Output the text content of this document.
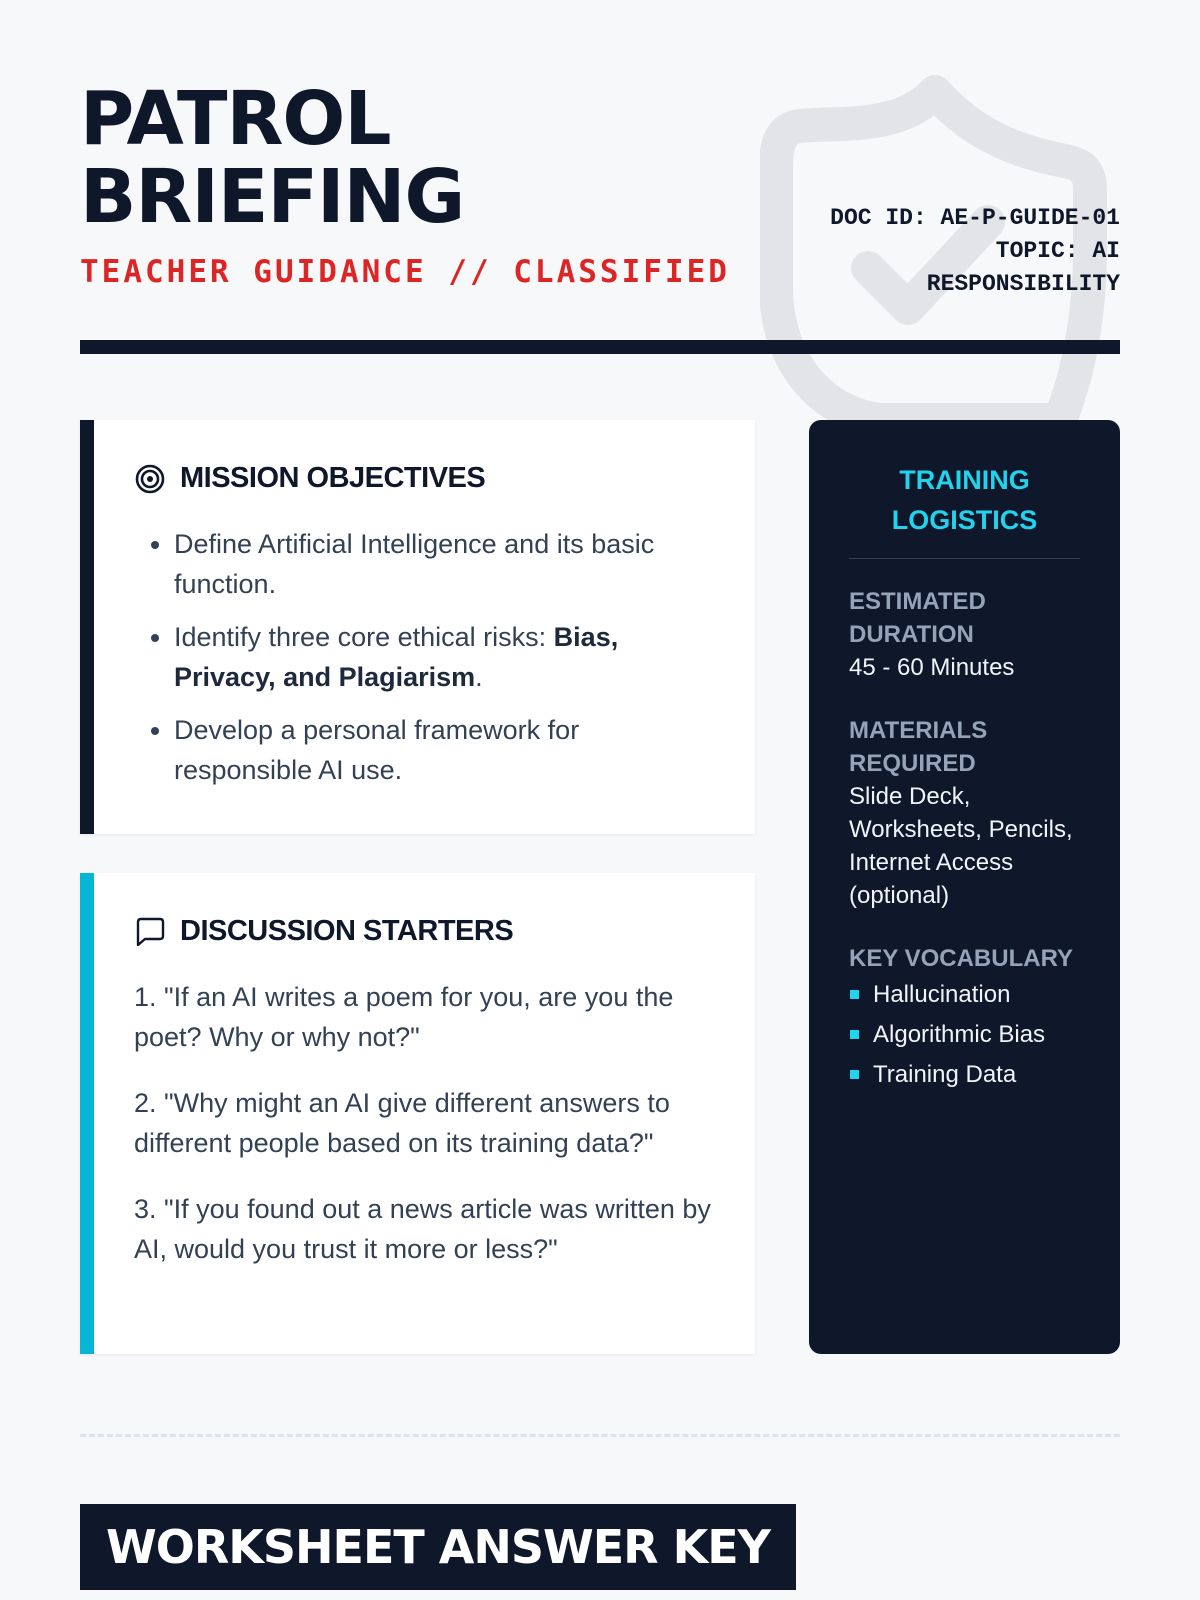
PATROL
BRIEFING
TEACHER GUIDANCE // CLASSIFIED
DOC ID: AE-P-GUIDE-01
TOPIC: AI
RESPONSIBILITY
MISSION OBJECTIVES
• Define Artificial Intelligence and its basic function.
• Identify three core ethical risks: Bias, Privacy, and Plagiarism.
• Develop a personal framework for responsible AI use.
DISCUSSION STARTERS

1. "If an AI writes a poem for you, are you the poet? Why or why not?"

2. "Why might an AI give different answers to different people based on its training data?"

3. "If you found out a news article was written by AI, would you trust it more or less?"

TRAINING LOGISTICS
ESTIMATED DURATION
45 - 60 Minutes
MATERIALS REQUIRED
Slide Deck, Worksheets, Pencils, Internet Access (optional)
KEY VOCABULARY
Hallucination
Algorithmic Bias
Training Data
WORKSHEET ANSWER KEY
